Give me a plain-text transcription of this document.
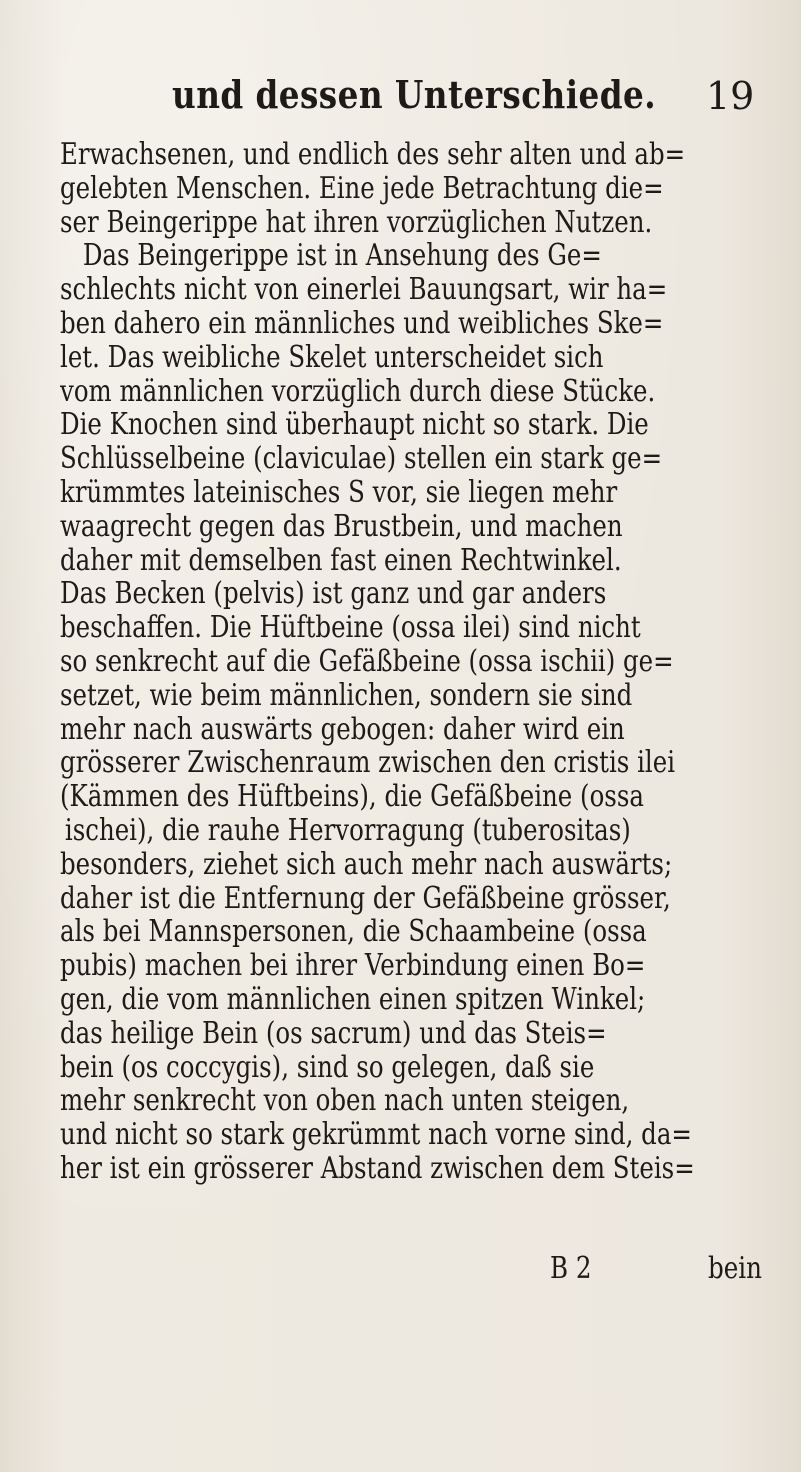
und dessen Unterschiede. 19
Erwachsenen, und endlich des sehr alten und ab=
gelebten Menschen. Eine jede Betrachtung die=
ser Beingerippe hat ihren vorzüglichen Nutzen.
Das Beingerippe ist in Ansehung des Ge=
schlechts nicht von einerlei Bauungsart, wir ha=
ben dahero ein männliches und weibliches Ske=
let. Das weibliche Skelet unterscheidet sich
vom männlichen vorzüglich durch diese Stücke.
Die Knochen sind überhaupt nicht so stark. Die
Schlüsselbeine (claviculae) stellen ein stark ge=
krümmtes lateinisches S vor, sie liegen mehr
waagrecht gegen das Brustbein, und machen
daher mit demselben fast einen Rechtwinkel.
Das Becken (pelvis) ist ganz und gar anders
beschaffen. Die Hüftbeine (ossa ilei) sind nicht
so senkrecht auf die Gefäßbeine (ossa ischii) ge=
setzet, wie beim männlichen, sondern sie sind
mehr nach auswärts gebogen: daher wird ein
grösserer Zwischenraum zwischen den cristis ilei
(Kämmen des Hüftbeins), die Gefäßbeine (ossa
ischei), die rauhe Hervorragung (tuberositas)
besonders, ziehet sich auch mehr nach auswärts;
daher ist die Entfernung der Gefäßbeine grösser,
als bei Mannspersonen, die Schaambeine (ossa
pubis) machen bei ihrer Verbindung einen Bo=
gen, die vom männlichen einen spitzen Winkel;
das heilige Bein (os sacrum) und das Steis=
bein (os coccygis), sind so gelegen, daß sie
mehr senkrecht von oben nach unten steigen,
und nicht so stark gekrümmt nach vorne sind, da=
her ist ein grösserer Abstand zwischen dem Steis=
B 2	bein
